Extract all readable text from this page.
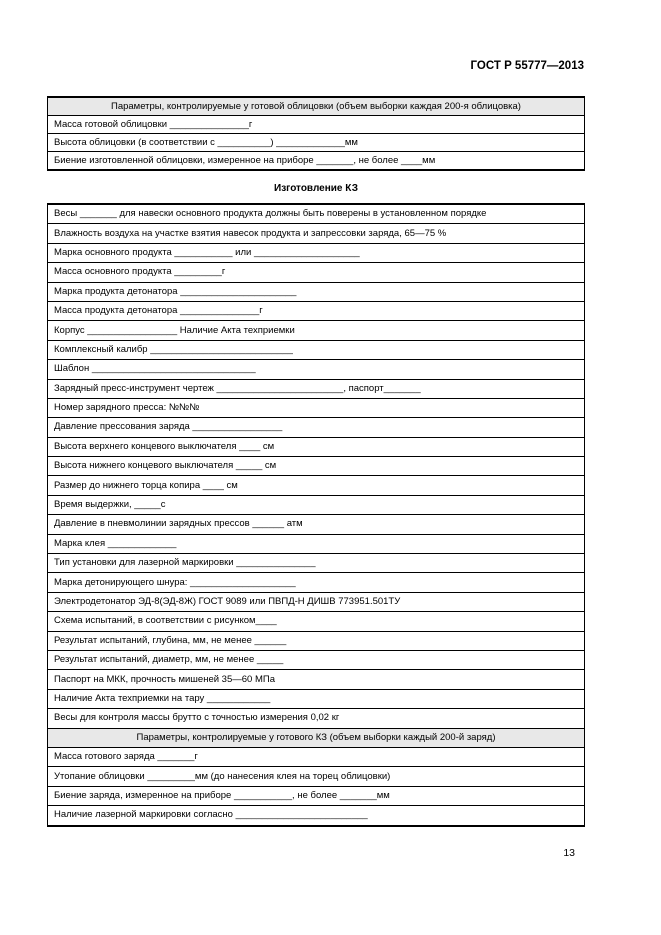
ГОСТ Р 55777—2013
Параметры, контролируемые у готовой облицовки (объем выборки каждая 200-я облицовка)
Масса готовой облицовки _______________г
Высота облицовки (в соответствии с __________) _____________мм
Биение изготовленной облицовки, измеренное на приборе _______, не более ____мм
Изготовление КЗ
Весы _______ для навески основного продукта должны быть поверены в установленном порядке
Влажность воздуха на участке взятия навесок продукта и запрессовки заряда, 65—75 %
Марка основного продукта ___________ или ____________________
Масса основного продукта _________г
Марка продукта детонатора ______________________
Масса продукта детонатора _______________г
Корпус _________________ Наличие Акта техприемки
Комплексный калибр ___________________________
Шаблон _______________________________
Зарядный пресс-инструмент чертеж ________________________, паспорт_______
Номер зарядного пресса: №№№
Давление прессования заряда _________________
Высота верхнего концевого выключателя ____ см
Высота нижнего концевого выключателя _____ см
Размер до нижнего торца копира ____ см
Время выдержки, _____с
Давление в пневмолинии зарядных прессов ______ атм
Марка клея _____________
Тип установки для лазерной маркировки _______________
Марка детонирующего шнура: ____________________
Электродетонатор ЭД-8(ЭД-8Ж) ГОСТ 9089 или ПВПД-Н ДИШВ 773951.501ТУ
Схема испытаний, в соответствии с рисунком____
Результат испытаний, глубина, мм, не менее ______
Результат испытаний, диаметр, мм, не менее _____
Паспорт на МКК, прочность мишеней 35—60 МПа
Наличие Акта техприемки на тару ____________
Весы для контроля массы брутто с точностью измерения 0,02 кг
Параметры, контролируемые у готового КЗ (объем выборки каждый 200-й заряд)
Масса готового заряда _______г
Утопание облицовки _________мм (до нанесения клея на торец облицовки)
Биение заряда, измеренное на приборе ___________, не более _______мм
Наличие лазерной маркировки согласно _________________________
13
